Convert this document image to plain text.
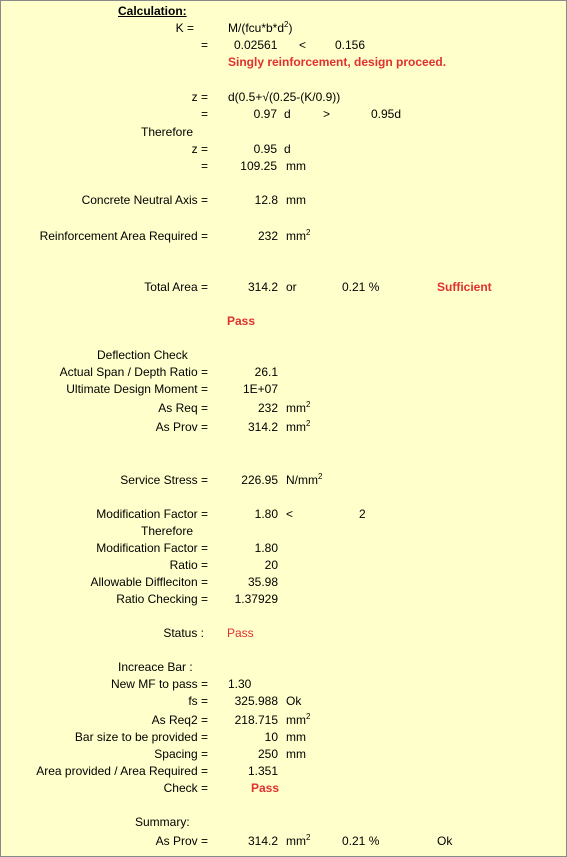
Calculation:
K =	$M/(fcu*b*d^2)$
= 0.02561 < 0.156
Singly reinforcement, design proceed.
z = d(0.5+√(0.25-(K/0.9))
=	0.97 d	>	0.95d
Therefore
z =	0.95 d
=	109.25 mm
Concrete Neutral Axis =	12.8 mm
Reinforcement Area Required =	232 $mm^2$
Total Area =	314.2 or	0.21 %	Sufficient
Pass
Deflection Check
Actual Span / Depth Ratio =	26.1
Ultimate Design Moment =	1E+07
As Req =	232 $mm^2$
As Prov =	314.2 $mm^2$
Service Stress =	226.95 $N/mm^2$
Modification Factor =	1.80 <	2
Therefore
Modification Factor =	1.80
Ratio =	20
Allowable Diffleciton =	35.98
Ratio Checking = 1.37929
Status : Pass
Increace Bar :
New MF to pass = 1.30
fs = 325.988 Ok
As Req2 = 218.715 $mm^2$
Bar size to be provided =	10 mm
Spacing =	250 mm
Area provided / Area Required =	1.351
Check =	Pass
Summary:
As Prov =	314.2 $mm^2$	0.21 %	Ok
